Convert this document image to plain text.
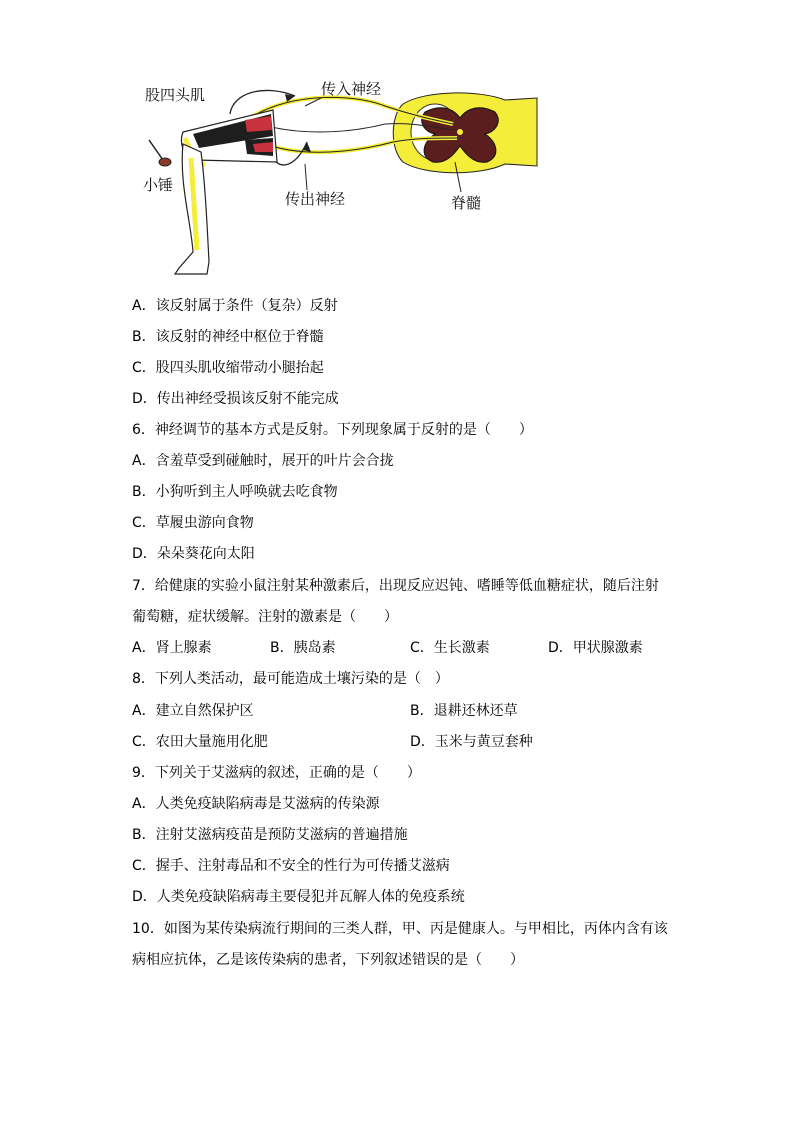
股四头肌
小锤
传入神经
传出神经	脊髓
A．该反射属于条件（复杂）反射
B．该反射的神经中枢位于脊髓
C．股四头肌收缩带动小腿抬起
D．传出神经受损该反射不能完成
6．神经调节的基本方式是反射。下列现象属于反射的是（　　）
A．含羞草受到碰触时，展开的叶片会合拢
B．小狗听到主人呼唤就去吃食物
C．草履虫游向食物
D．朵朵葵花向太阳
7．给健康的实验小鼠注射某种激素后，出现反应迟钝、嗜睡等低血糖症状，随后注射
葡萄糖，症状缓解。注射的激素是（　　）
A．肾上腺素	B．胰岛素	C．生长激素	D．甲状腺激素
8．下列人类活动，最可能造成土壤污染的是（　）
A．建立自然保护区	B．退耕还林还草
C．农田大量施用化肥	D．玉米与黄豆套种
9．下列关于艾滋病的叙述，正确的是（　　）
A．人类免疫缺陷病毒是艾滋病的传染源
B．注射艾滋病疫苗是预防艾滋病的普遍措施
C．握手、注射毒品和不安全的性行为可传播艾滋病
D．人类免疫缺陷病毒主要侵犯并瓦解人体的免疫系统
10．如图为某传染病流行期间的三类人群，甲、丙是健康人。与甲相比，丙体内含有该
病相应抗体，乙是该传染病的患者，下列叙述错误的是（　　）
